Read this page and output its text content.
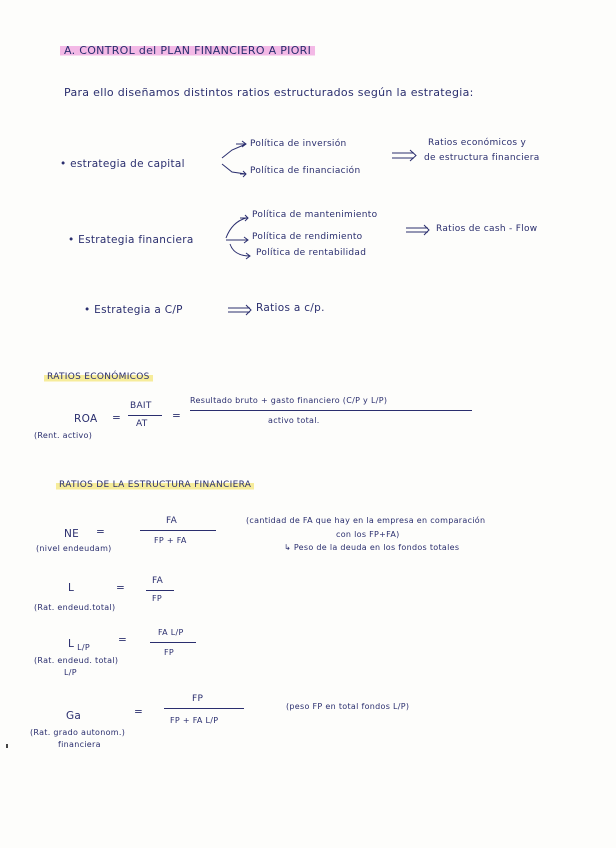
A. CONTROL del PLAN FINANCIERO A PIORI
Para ello diseñamos distintos ratios estructurados según la estrategia:
• estrategia de capital
Política de inversión
Política de financiación
Ratios económicos y
de estructura financiera
• Estrategia financiera
Política de mantenimiento
Política de rendimiento
Política de rentabilidad
Ratios de cash - Flow
• Estrategia a C/P	Ratios a c/p.
RATIOS ECONÓMICOS
ROA
(Rent. activo)
=
BAIT
AT
=
Resultado bruto + gasto financiero (C/P y L/P)
activo total.
RATIOS DE LA ESTRUCTURA FINANCIERA
NE
(nivel endeudam)
=
FA
FP + FA
(cantidad de FA que hay en la empresa en comparación
con los FP+FA)
↳ Peso de la deuda en los fondos totales
L
(Rat. endeud.total)
=
FA
FP
L $_{L/P}$
(Rat. endeud. total)
L/P
=
FA L/P
FP
Ga
(Rat. grado autonom.)
financiera
=
FP
FP + FA L/P
(peso FP en total fondos L/P)
